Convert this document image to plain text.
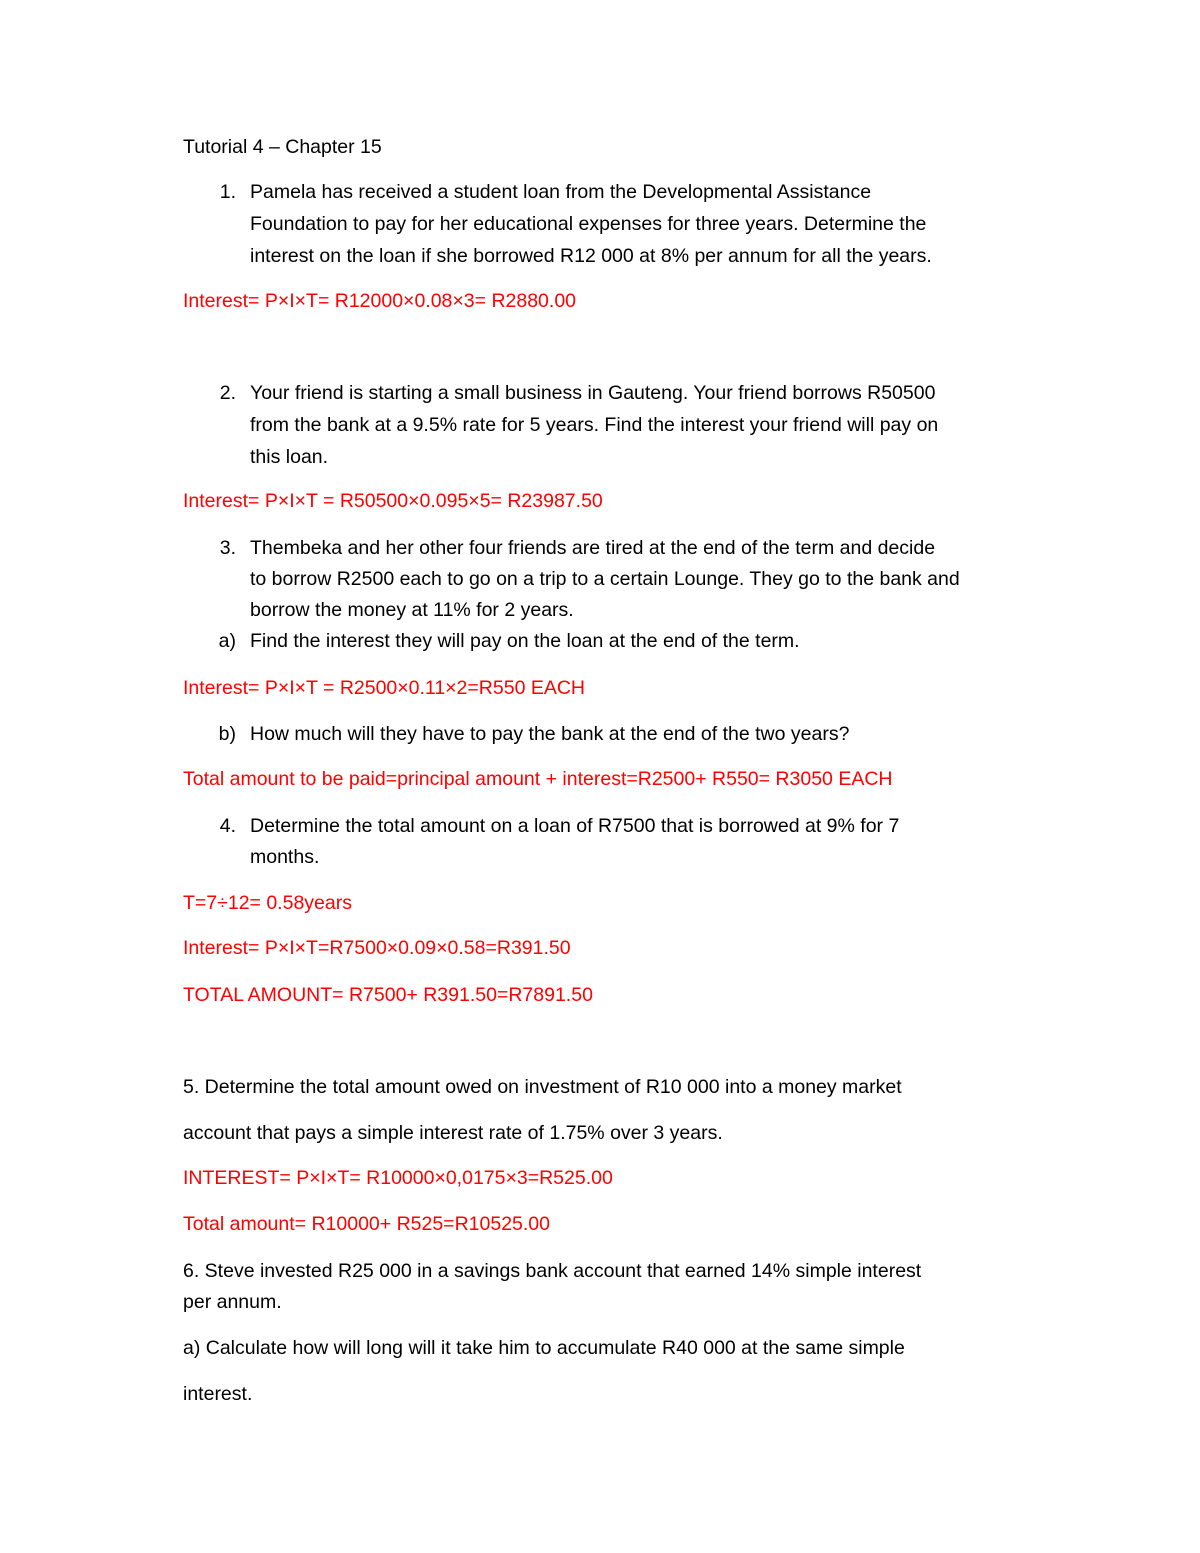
Tutorial 4 – Chapter 15
1. Pamela has received a student loan from the Developmental Assistance
Foundation to pay for her educational expenses for three years. Determine the
interest on the loan if she borrowed R12 000 at 8% per annum for all the years.
Interest= P×I×T= R12000×0.08×3= R2880.00
2. Your friend is starting a small business in Gauteng. Your friend borrows R50500
from the bank at a 9.5% rate for 5 years. Find the interest your friend will pay on
this loan.
Interest= P×I×T = R50500×0.095×5= R23987.50
3. Thembeka and her other four friends are tired at the end of the term and decide
to borrow R2500 each to go on a trip to a certain Lounge. They go to the bank and
borrow the money at 11% for 2 years.
a) Find the interest they will pay on the loan at the end of the term.
Interest= P×I×T = R2500×0.11×2=R550 EACH
b) How much will they have to pay the bank at the end of the two years?
Total amount to be paid=principal amount + interest=R2500+ R550= R3050 EACH
4. Determine the total amount on a loan of R7500 that is borrowed at 9% for 7
months.
T=7÷12= 0.58years
Interest= P×I×T=R7500×0.09×0.58=R391.50
TOTAL AMOUNT= R7500+ R391.50=R7891.50
5. Determine the total amount owed on investment of R10 000 into a money market
account that pays a simple interest rate of 1.75% over 3 years.
INTEREST= P×I×T= R10000×0,0175×3=R525.00
Total amount= R10000+ R525=R10525.00
6. Steve invested R25 000 in a savings bank account that earned 14% simple interest
per annum.
a) Calculate how will long will it take him to accumulate R40 000 at the same simple
interest.
